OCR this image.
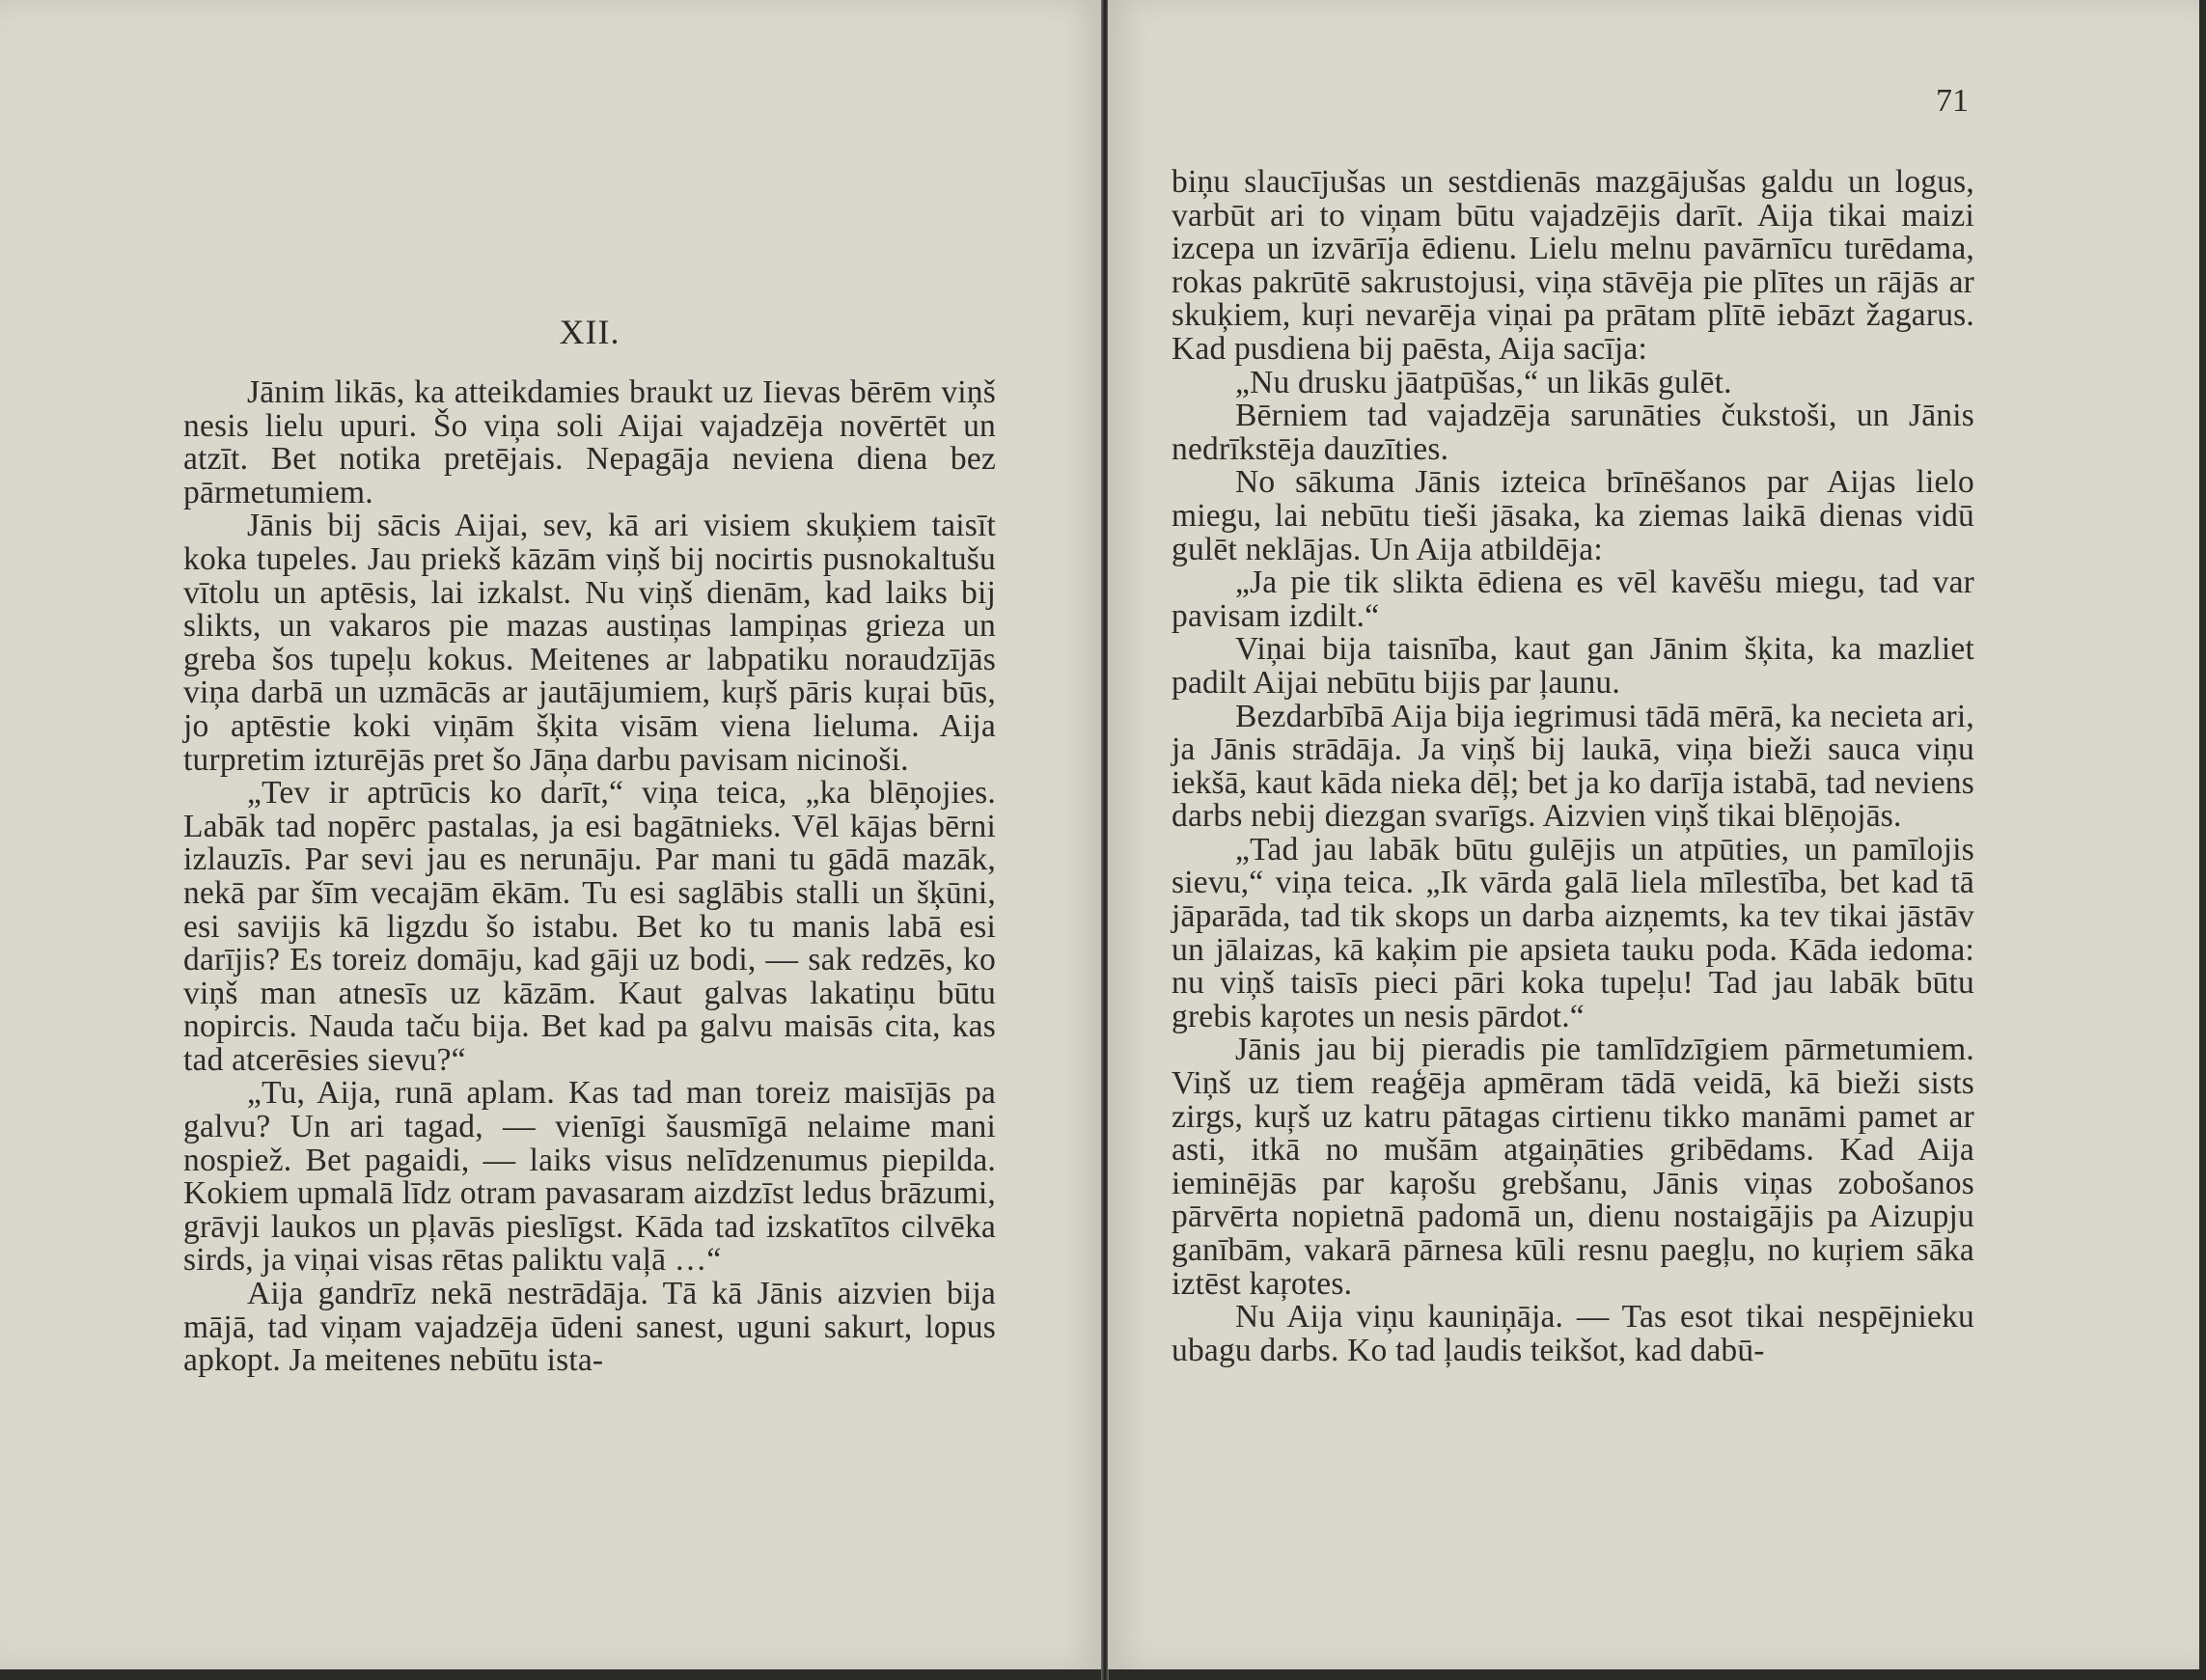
XII.

Jānim likās, ka atteikdamies braukt uz Iievas bērēm viņš nesis lielu upuri. Šo viņa soli Aijai vajadzēja novērtēt un atzīt. Bet notika pretējais. Nepagāja neviena diena bez pārmetumiem.

Jānis bij sācis Aijai, sev, kā ari visiem skuķiem taisīt koka tupeles. Jau priekš kāzām viņš bij nocirtis pusnokaltušu vītolu un aptēsis, lai izkalst. Nu viņš dienām, kad laiks bij slikts, un vakaros pie mazas austiņas lampiņas grieza un greba šos tupeļu kokus. Meitenes ar labpatiku noraudzījās viņa darbā un uzmācās ar jautājumiem, kuŗš pāris kuŗai būs, jo aptēstie koki viņām šķita visām viena lieluma. Aija turpretim izturējās pret šo Jāņa darbu pavisam nicinoši.

„Tev ir aptrūcis ko darīt,“ viņa teica, „ka blēņojies. Labāk tad nopērc pastalas, ja esi bagātnieks. Vēl kājas bērni izlauzīs. Par sevi jau es nerunāju. Par mani tu gādā mazāk, nekā par šīm vecajām ēkām. Tu esi saglābis stalli un šķūni, esi savijis kā ligzdu šo istabu. Bet ko tu manis labā esi darījis? Es toreiz domāju, kad gāji uz bodi, — sak redzēs, ko viņš man atnesīs uz kāzām. Kaut galvas lakatiņu būtu nopircis. Nauda taču bija. Bet kad pa galvu maisās cita, kas tad atcerēsies sievu?“

„Tu, Aija, runā aplam. Kas tad man toreiz maisījās pa galvu? Un ari tagad, — vienīgi šausmīgā nelaime mani nospiež. Bet pagaidi, — laiks visus nelīdzenumus piepilda. Kokiem upmalā līdz otram pavasaram aizdzīst ledus brāzumi, grāvji laukos un pļavās pieslīgst. Kāda tad izskatītos cilvēka sirds, ja viņai visas rētas paliktu vaļā …“

Aija gandrīz nekā nestrādāja. Tā kā Jānis aizvien bija mājā, tad viņam vajadzēja ūdeni sanest, uguni sakurt, lopus apkopt. Ja meitenes nebūtu ista-

71

biņu slaucījušas un sestdienās mazgājušas galdu un logus, varbūt ari to viņam būtu vajadzējis darīt. Aija tikai maizi izcepa un izvārīja ēdienu. Lielu melnu pavārnīcu turēdama, rokas pakrūtē sakrustojusi, viņa stāvēja pie plītes un rājās ar skuķiem, kuŗi nevarēja viņai pa prātam plītē iebāzt žagarus. Kad pusdiena bij paēsta, Aija sacīja:

„Nu drusku jāatpūšas,“ un likās gulēt.

Bērniem tad vajadzēja sarunāties čukstoši, un Jānis nedrīkstēja dauzīties.

No sākuma Jānis izteica brīnēšanos par Aijas lielo miegu, lai nebūtu tieši jāsaka, ka ziemas laikā dienas vidū gulēt neklājas. Un Aija atbildēja:

„Ja pie tik slikta ēdiena es vēl kavēšu miegu, tad var pavisam izdilt.“

Viņai bija taisnība, kaut gan Jānim šķita, ka mazliet padilt Aijai nebūtu bijis par ļaunu.

Bezdarbībā Aija bija iegrimusi tādā mērā, ka necieta ari, ja Jānis strādāja. Ja viņš bij laukā, viņa bieži sauca viņu iekšā, kaut kāda nieka dēļ; bet ja ko darīja istabā, tad neviens darbs nebij diezgan svarīgs. Aizvien viņš tikai blēņojās.

„Tad jau labāk būtu gulējis un atpūties, un pamīlojis sievu,“ viņa teica. „Ik vārda galā liela mīlestība, bet kad tā jāparāda, tad tik skops un darba aizņemts, ka tev tikai jāstāv un jālaizas, kā kaķim pie apsieta tauku poda. Kāda iedoma: nu viņš taisīs pieci pāri koka tupeļu! Tad jau labāk būtu grebis kaŗotes un nesis pārdot.“

Jānis jau bij pieradis pie tamlīdzīgiem pārmetumiem. Viņš uz tiem reaģēja apmēram tādā veidā, kā bieži sists zirgs, kuŗš uz katru pātagas cirtienu tikko manāmi pamet ar asti, itkā no mušām atgaiņāties gribēdams. Kad Aija ieminējās par kaŗošu grebšanu, Jānis viņas zobošanos pārvērta nopietnā padomā un, dienu nostaigājis pa Aizupju ganībām, vakarā pārnesa kūli resnu paegļu, no kuŗiem sāka iztēst kaŗotes.

Nu Aija viņu kauniņāja. — Tas esot tikai nespējnieku ubagu darbs. Ko tad ļaudis teikšot, kad dabū-
